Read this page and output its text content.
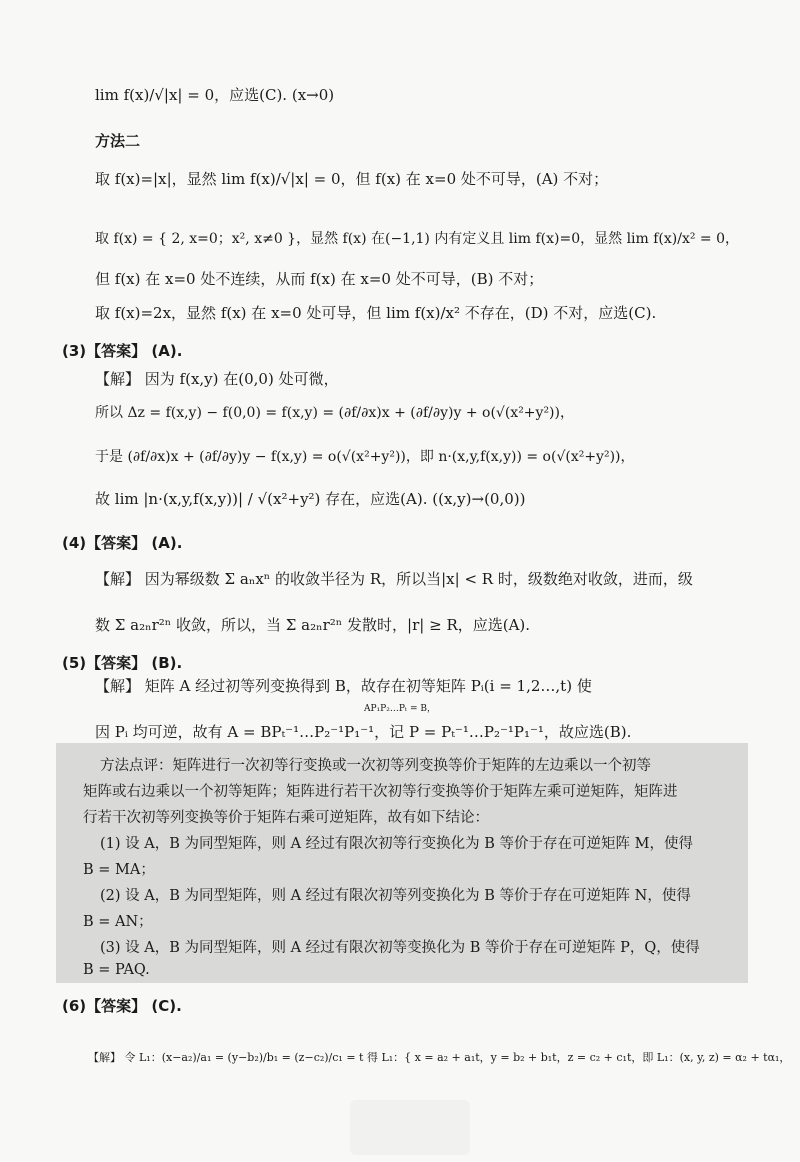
lim f(x)/√|x| = 0，应选(C). (x→0)
方法二
取 f(x)=|x|，显然 lim f(x)/√|x| = 0，但 f(x) 在 x=0 处不可导，(A) 不对；
取 f(x) = { 2, x=0；x², x≠0 }，显然 f(x) 在(−1,1) 内有定义且 lim f(x)=0，显然 lim f(x)/x² = 0，
但 f(x) 在 x=0 处不连续，从而 f(x) 在 x=0 处不可导，(B) 不对；
取 f(x)=2x，显然 f(x) 在 x=0 处可导，但 lim f(x)/x² 不存在，(D) 不对，应选(C).
(3)【答案】 (A).
【解】 因为 f(x,y) 在(0,0) 处可微，
所以 Δz = f(x,y) − f(0,0) = f(x,y) = (∂f/∂x)x + (∂f/∂y)y + o(√(x²+y²))，
于是 (∂f/∂x)x + (∂f/∂y)y − f(x,y) = o(√(x²+y²))，即 n·(x,y,f(x,y)) = o(√(x²+y²))，
故 lim |n·(x,y,f(x,y))| / √(x²+y²) 存在，应选(A). ((x,y)→(0,0))
(4)【答案】 (A).
【解】 因为幂级数 Σ aₙxⁿ 的收敛半径为 R，所以当|x| < R 时，级数绝对收敛，进而，级
数 Σ a₂ₙr²ⁿ 收敛，所以，当 Σ a₂ₙr²ⁿ 发散时，|r| ≥ R，应选(A).
(5)【答案】 (B).
【解】 矩阵 A 经过初等列变换得到 B，故存在初等矩阵 Pᵢ(i = 1,2…,t) 使
AP₁P₂…Pₜ = B，
因 Pᵢ 均可逆，故有 A = BPₜ⁻¹…P₂⁻¹P₁⁻¹，记 P = Pₜ⁻¹…P₂⁻¹P₁⁻¹，故应选(B).
方法点评：矩阵进行一次初等行变换或一次初等列变换等价于矩阵的左边乘以一个初等
矩阵或右边乘以一个初等矩阵；矩阵进行若干次初等行变换等价于矩阵左乘可逆矩阵，矩阵进
行若干次初等列变换等价于矩阵右乘可逆矩阵，故有如下结论：
(1) 设 A，B 为同型矩阵，则 A 经过有限次初等行变换化为 B 等价于存在可逆矩阵 M，使得
B = MA；
(2) 设 A，B 为同型矩阵，则 A 经过有限次初等列变换化为 B 等价于存在可逆矩阵 N，使得
B = AN；
(3) 设 A，B 为同型矩阵，则 A 经过有限次初等变换化为 B 等价于存在可逆矩阵 P，Q，使得
B = PAQ.
(6)【答案】 (C).
【解】 令 L₁：(x−a₂)/a₁ = (y−b₂)/b₁ = (z−c₂)/c₁ = t 得 L₁：{ x = a₂ + a₁t，y = b₂ + b₁t，z = c₂ + c₁t，即 L₁：(x, y, z) = α₂ + tα₁，
